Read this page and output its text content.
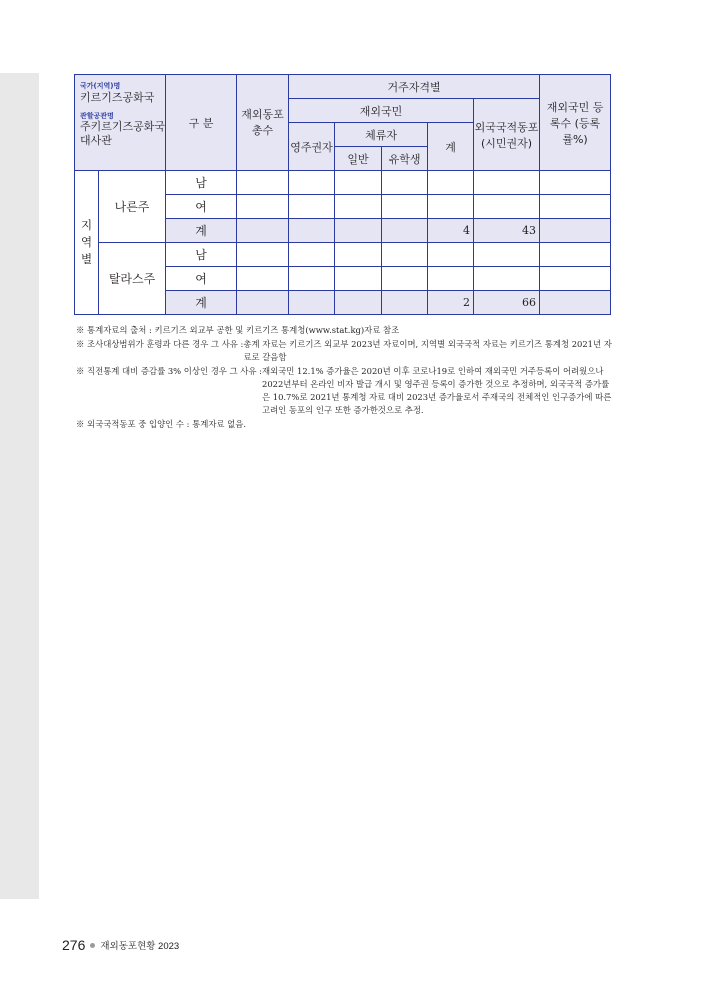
국가(지역)명
키르기즈공화국
관할공관명
주키르기즈공화국
대사관		구 분	재외동포 총수	거주자격별					재외국민 등록수 (등록률%)
				재외국민				외국국적동포 (시민권자)	
				영주권자	체류자		계		
					일반	유학생			
지 역 별	나른주	남							
		여							
		계					4	43	
	탈라스주	남							
		여							
		계					2	66	
※ 통계자료의 출처 : 키르기즈 외교부 공한 및 키르기즈 통계청(www.stat.kg)자료 참조
※ 조사대상범위가 훈령과 다른 경우 그 사유 : 총계 자료는 키르기즈 외교부 2023년 자료이며, 지역별 외국국적 자료는 키르기즈 통계청 2021년 자료로 갈음함
※ 직전통계 대비 증감률 3% 이상인 경우 그 사유 : 재외국민 12.1% 증가율은 2020년 이후 코로나19로 인하여 재외국민 거주등록이 어려웠으나 2022년부터 온라인 비자 발급 개시 및 영주권 등록이 증가한 것으로 추정하며, 외국국적 증가률은 10.7%로 2021년 통계청 자료 대비 2023년 증가율로서 주재국의 전체적인 인구증가에 따른 고려인 동포의 인구 또한 증가한것으로 추정.
※ 외국국적동포 중 입양인 수 : 통계자료 없음.
276 재외동포현황 2023
